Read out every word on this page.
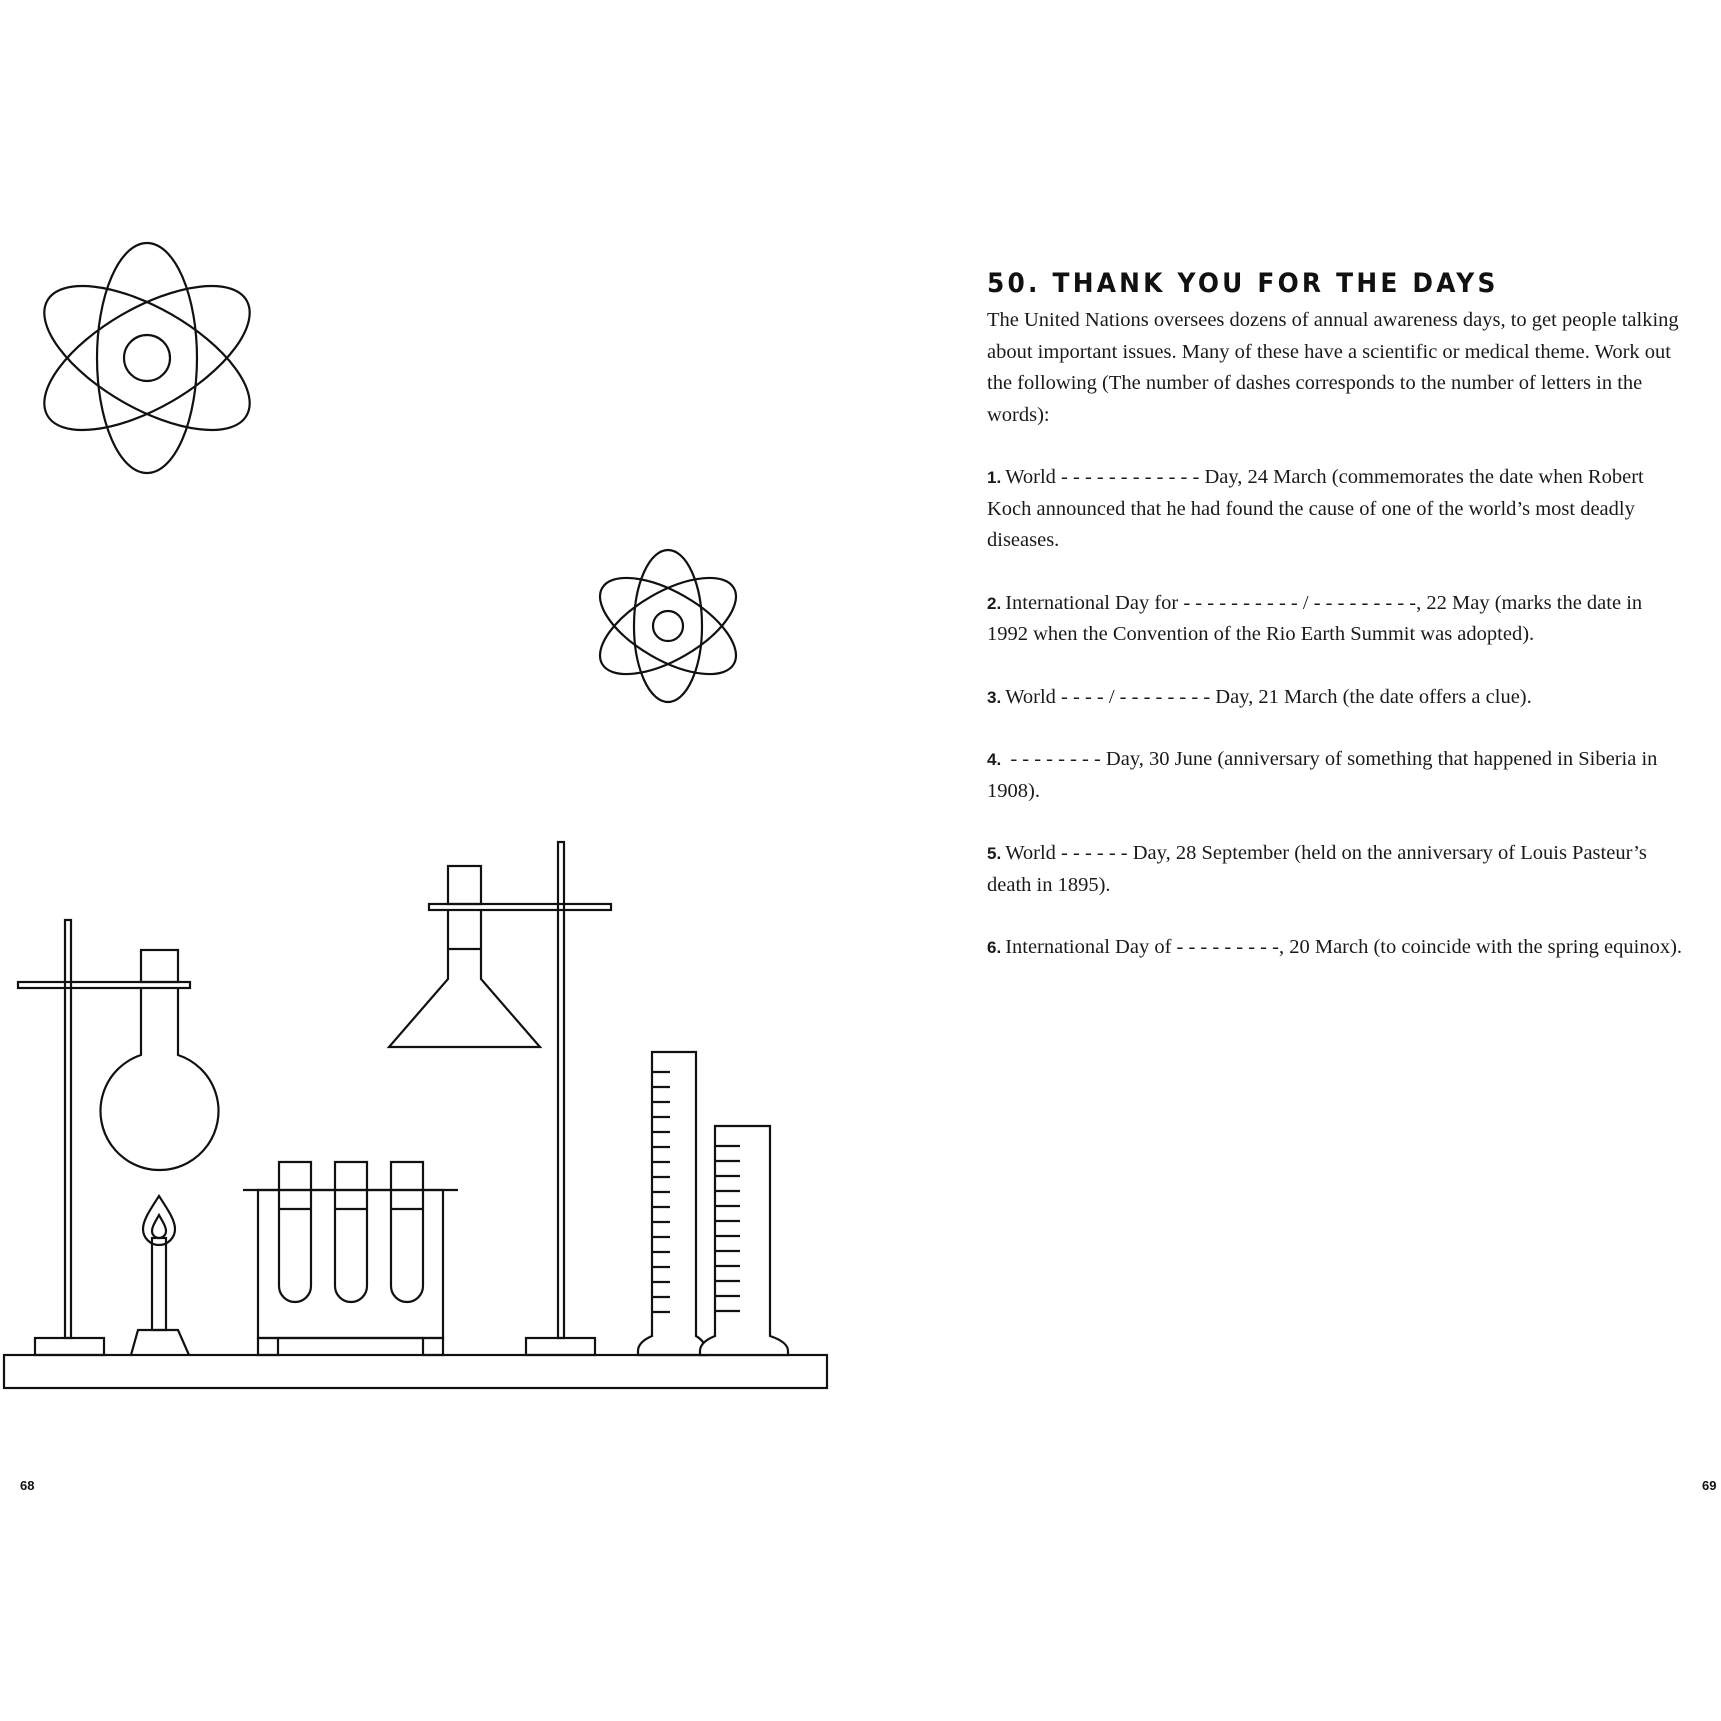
68	69
50. THANK YOU FOR THE DAYS

The United Nations oversees dozens of annual awareness days, to get people talking about important issues. Many of these have a scientific or medical theme. Work out the following (The number of dashes corresponds to the number of letters in the words):

1. World - - - - - - - - - - - - Day, 24 March (commemorates the date when Robert Koch announced that he had found the cause of one of the world’s most deadly diseases.

2. International Day for - - - - - - - - - - / - - - - - - - - -, 22 May (marks the date in 1992 when the Convention of the Rio Earth Summit was adopted).

3. World - - - - / - - - - - - - - Day, 21 March (the date offers a clue).

4. - - - - - - - - Day, 30 June (anniversary of something that happened in Siberia in 1908).

5. World - - - - - - Day, 28 September (held on the anniversary of Louis Pasteur’s death in 1895).

6. International Day of - - - - - - - - -, 20 March (to coincide with the spring equinox).
